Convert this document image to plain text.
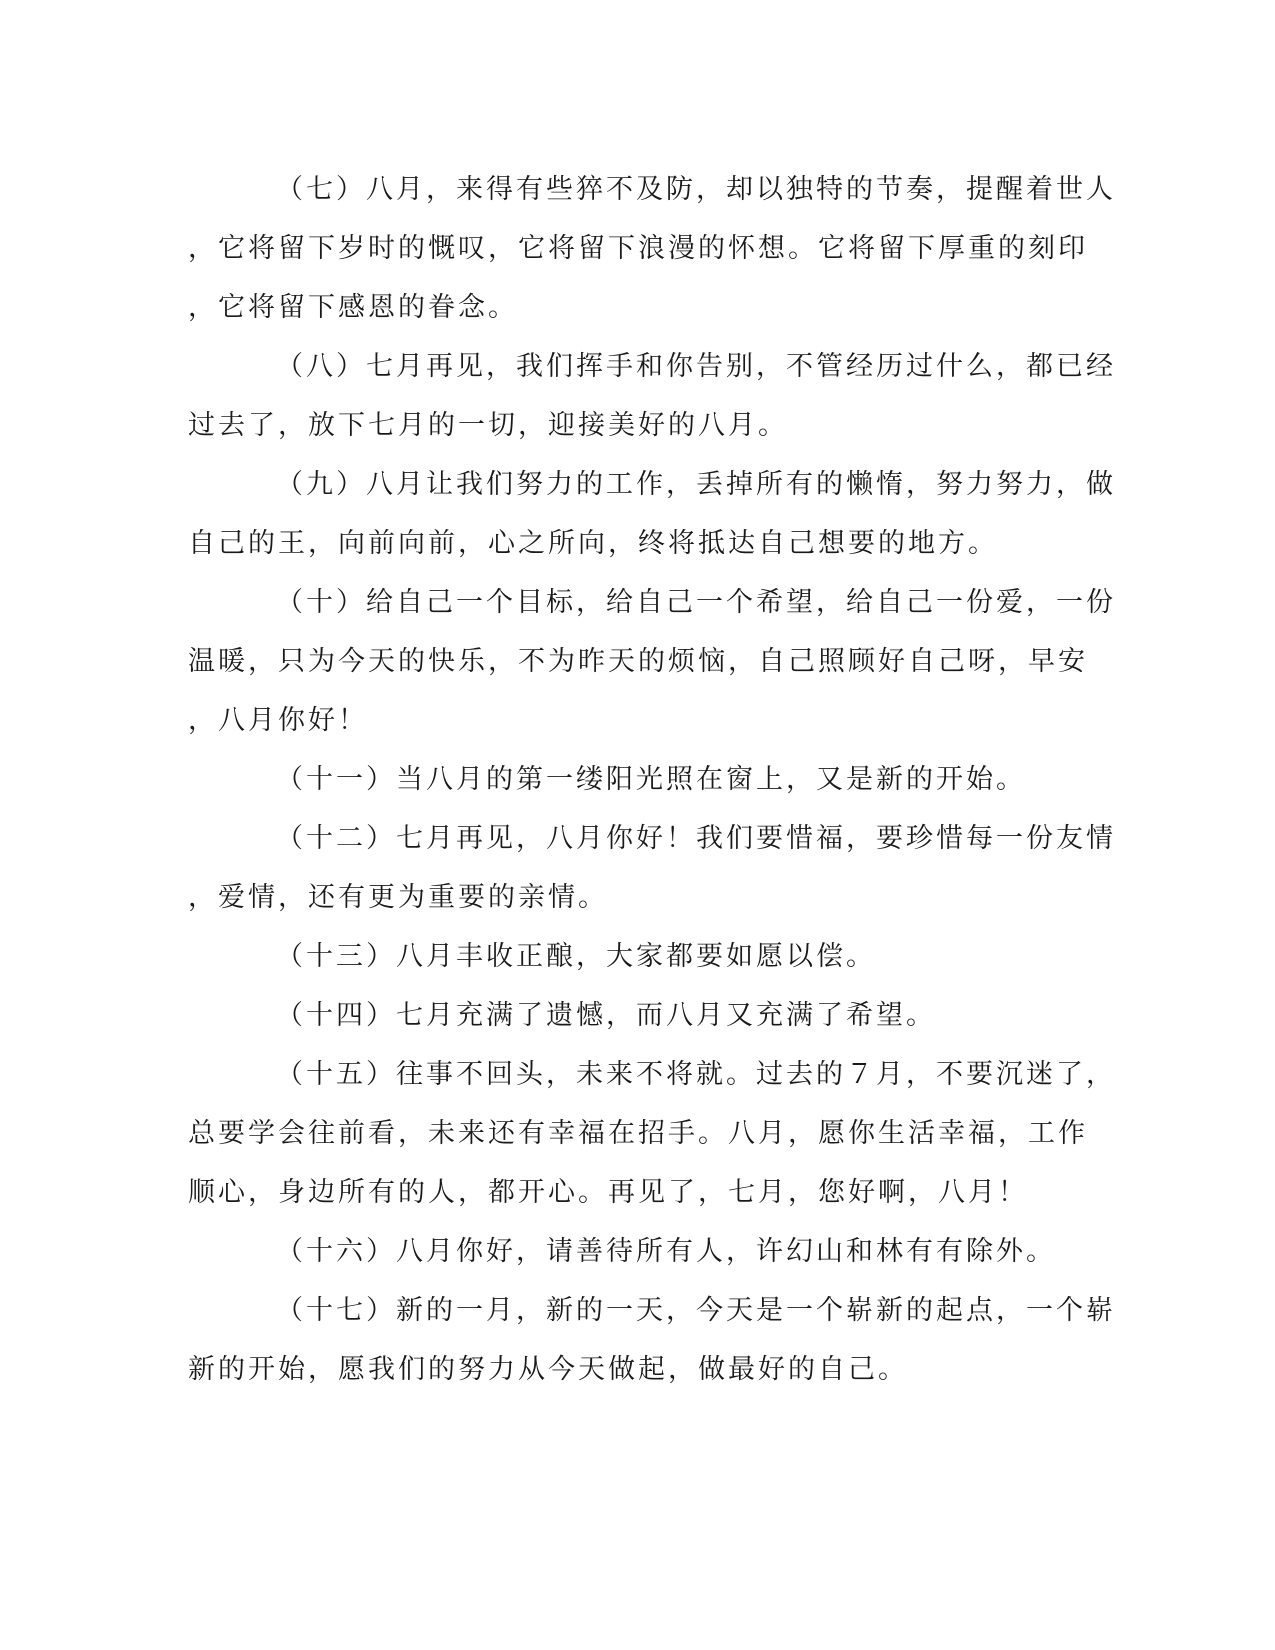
（七）八月，来得有些猝不及防，却以独特的节奏，提醒着世人
，它将留下岁时的慨叹，它将留下浪漫的怀想。它将留下厚重的刻印
，它将留下感恩的眷念。

（八）七月再见，我们挥手和你告别，不管经历过什么，都已经
过去了，放下七月的一切，迎接美好的八月。

（九）八月让我们努力的工作，丢掉所有的懒惰，努力努力，做
自己的王，向前向前，心之所向，终将抵达自己想要的地方。

（十）给自己一个目标，给自己一个希望，给自己一份爱，一份
温暖，只为今天的快乐，不为昨天的烦恼，自己照顾好自己呀，早安
，八月你好！

（十一）当八月的第一缕阳光照在窗上，又是新的开始。

（十二）七月再见，八月你好！我们要惜福，要珍惜每一份友情
，爱情，还有更为重要的亲情。

（十三）八月丰收正酿，大家都要如愿以偿。

（十四）七月充满了遗憾，而八月又充满了希望。

（十五）往事不回头，未来不将就。过去的７月，不要沉迷了，
总要学会往前看，未来还有幸福在招手。八月，愿你生活幸福，工作
顺心，身边所有的人，都开心。再见了，七月，您好啊，八月！

（十六）八月你好，请善待所有人，许幻山和林有有除外。

（十七）新的一月，新的一天，今天是一个崭新的起点，一个崭
新的开始，愿我们的努力从今天做起，做最好的自己。
